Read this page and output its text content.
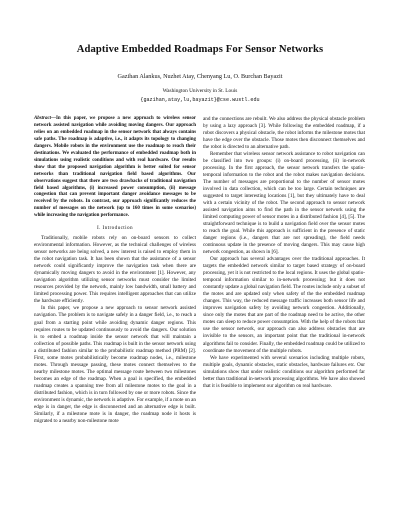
Adaptive Embedded Roadmaps For Sensor Networks
Gazihan Alankus, Nuzhet Atay, Chenyang Lu, O. Burchan Bayazit
Washington University in St. Louis
{gazihan,atay,lu,bayazit}@cse.wustl.edu
Abstract—In this paper, we propose a new approach to wireless sensor network assisted navigation while avoiding moving dangers. Our approach relies on an embedded roadmap in the sensor network that always contains safe paths. The roadmap is adaptive, i.e., it adapts its topology to changing dangers. Mobile robots in the environment use the roadmap to reach their destinations. We evaluated the performance of embedded roadmap both in simulations using realistic conditions and with real hardware. Our results show that the proposed navigation algorithm is better suited for sensor networks than traditional navigation field based algorithms. Our observations suggest that there are two drawbacks of traditional navigation field based algorithms, (i) increased power consumption, (ii) message congestion that can prevent important danger avoidance messages to be received by the robots. In contrast, our approach significantly reduces the number of messages on the network (up to 160 times in some scenarios) while increasing the navigation performance.
I. Introduction

Traditionally, mobile robots rely on on-board sensors to collect environmental information. However, as the technical challenges of wireless sensor networks are being solved, a new interest is raised to employ them in the robot navigation task. It has been shown that the assistance of a sensor network could significantly improve the navigation task when there are dynamically moving dangers to avoid in the environment [1]. However, any navigation algorithm utilizing sensor networks must consider the limited resources provided by the network, mainly low bandwidth, small battery and limited processing power. This requires intelligent approaches that can utilize the hardware efficiently.

In this paper, we propose a new approach to sensor network assisted navigation. The problem is to navigate safely in a danger field, i.e., to reach a goal from a starting point while avoiding dynamic danger regions. This requires routes to be updated continuously to avoid the dangers. Our solution is to embed a roadmap inside the sensor network that will maintain a collection of possible paths. This roadmap is built in the sensor network using a distributed fashion similar to the probabilistic roadmap method (PRM) [2]. First, some motes probabilistically become roadmap nodes, i.e., milestone motes. Through message passing, these motes connect themselves to the nearby milestone motes. The optimal message route between two milestones becomes an edge of the roadmap. When a goal is specified, the embedded roadmap creates a spanning tree from all milestone motes to the goal in a distributed fashion, which is in turn followed by one or more robots. Since the environment is dynamic, the network is adaptive. For example, if a mote on an edge is in danger, the edge is disconnected and an alternative edge is built. Similarly, if a milestone mote is in danger, the roadmap node it hosts is migrated to a nearby non-milestone mote

and the connections are rebuilt. We also address the physical obstacle problem by using a lazy approach [3]. While following the embedded roadmap, if a robot discovers a physical obstacle, the robot informs the milestone motes that have the edge over the obstacle. Those motes then disconnect themselves and the robot is directed to an alternative path.

Remember that wireless sensor network assistance to robot navigation can be classified into two groups: (i) on-board processing, (ii) in-network processing. In the first approach, the sensor network transfers the spatio-temporal information to the robot and the robot makes navigation decisions. The number of messages are proportional to the number of sensor motes involved in data collection, which can be too large. Certain techniques are suggested to target interesting locations [1], but they ultimately have to deal with a certain vicinity of the robot. The second approach to sensor network assisted navigation aims to find the path in the sensor network using the limited computing power of sensor motes in a distributed fashion [4], [5]. The straightforward technique is to build a navigation field over the sensor motes to reach the goal. While this approach is sufficient in the presence of static danger regions (i.e., dangers that are not spreading), the field needs continuous update in the presence of moving dangers. This may cause high network congestion, as shown in [6].

Our approach has several advantages over the traditional approaches. It targets the embedded network similar to target based strategy of on-board processing, yet it is not restricted to the local regions. It uses the global spatio-temporal information similar to in-network processing; but it does not constantly update a global navigation field. The routes include only a subset of the motes and are updated only when safety of the the embedded roadmap changes. This way, the reduced message traffic increases both sensor life and improves navigation safety by avoiding network congestion. Additionally, since only the motes that are part of the roadmap need to be active, the other motes can sleep to reduce power consumption. With the help of the robots that use the sensor network, our approach can also address obstacles that are invisible to the sensors, an important point that the traditional in-network algorithms fail to consider. Finally, the embedded roadmap could be utilized to coordinate the movement of the multiple robots.

We have experimented with several scenarios including multiple robots, multiple goals, dynamic obstacles, static obstacles, hardware failures etc. Our simulations show that under realistic conditions our algorithm performed far better than traditional in-network processing algorithms. We have also showed that it is feasible to implement our algorithm on real hardware.
